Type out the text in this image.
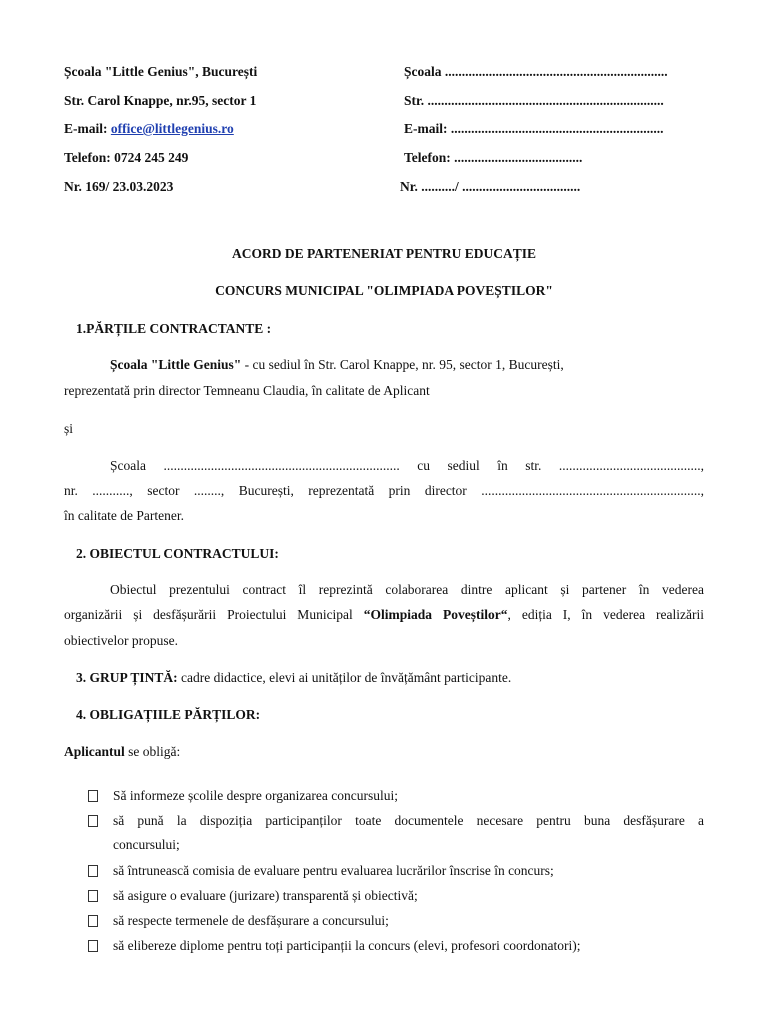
Școala "Little Genius", București
Str. Carol Knappe, nr.95, sector 1
E-mail: office@littlegenius.ro
Telefon: 0724 245 249
Nr. 169/ 23.03.2023
Școala ..................................................................
Str. ......................................................................
E-mail: ...............................................................
Telefon: ......................................
Nr. ........../ ...................................
ACORD DE PARTENERIAT PENTRU EDUCAȚIE
CONCURS MUNICIPAL "OLIMPIADA POVEȘTILOR"
1.PĂRȚILE CONTRACTANTE :
Școala "Little Genius" - cu sediul în Str. Carol Knappe, nr. 95, sector 1, București,
reprezentată prin director Temneanu Claudia, în calitate de Aplicant
și
Școala ...................................................................... cu sediul în str. ..........................................,
nr. ..........., sector ........, București, reprezentată prin director .................................................................,
în calitate de Partener.
2. OBIECTUL CONTRACTULUI:
Obiectul prezentului contract îl reprezintă colaborarea dintre aplicant și partener în vederea
organizării și desfășurării Proiectului Municipal “Olimpiada Poveștilor“, ediția I, în vederea realizării
obiectivelor propuse.
3. GRUP ȚINTĂ: cadre didactice, elevi ai unităților de învățământ participante.
4. OBLIGAȚIILE PĂRȚILOR:
Aplicantul se obligă:
Să informeze școlile despre organizarea concursului;
să pună la dispoziția participanților toate documentele necesare pentru buna desfășurare a
concursului;
să întrunească comisia de evaluare pentru evaluarea lucrărilor înscrise în concurs;
să asigure o evaluare (jurizare) transparentă și obiectivă;
să respecte termenele de desfășurare a concursului;
să elibereze diplome pentru toți participanții la concurs (elevi, profesori coordonatori);
